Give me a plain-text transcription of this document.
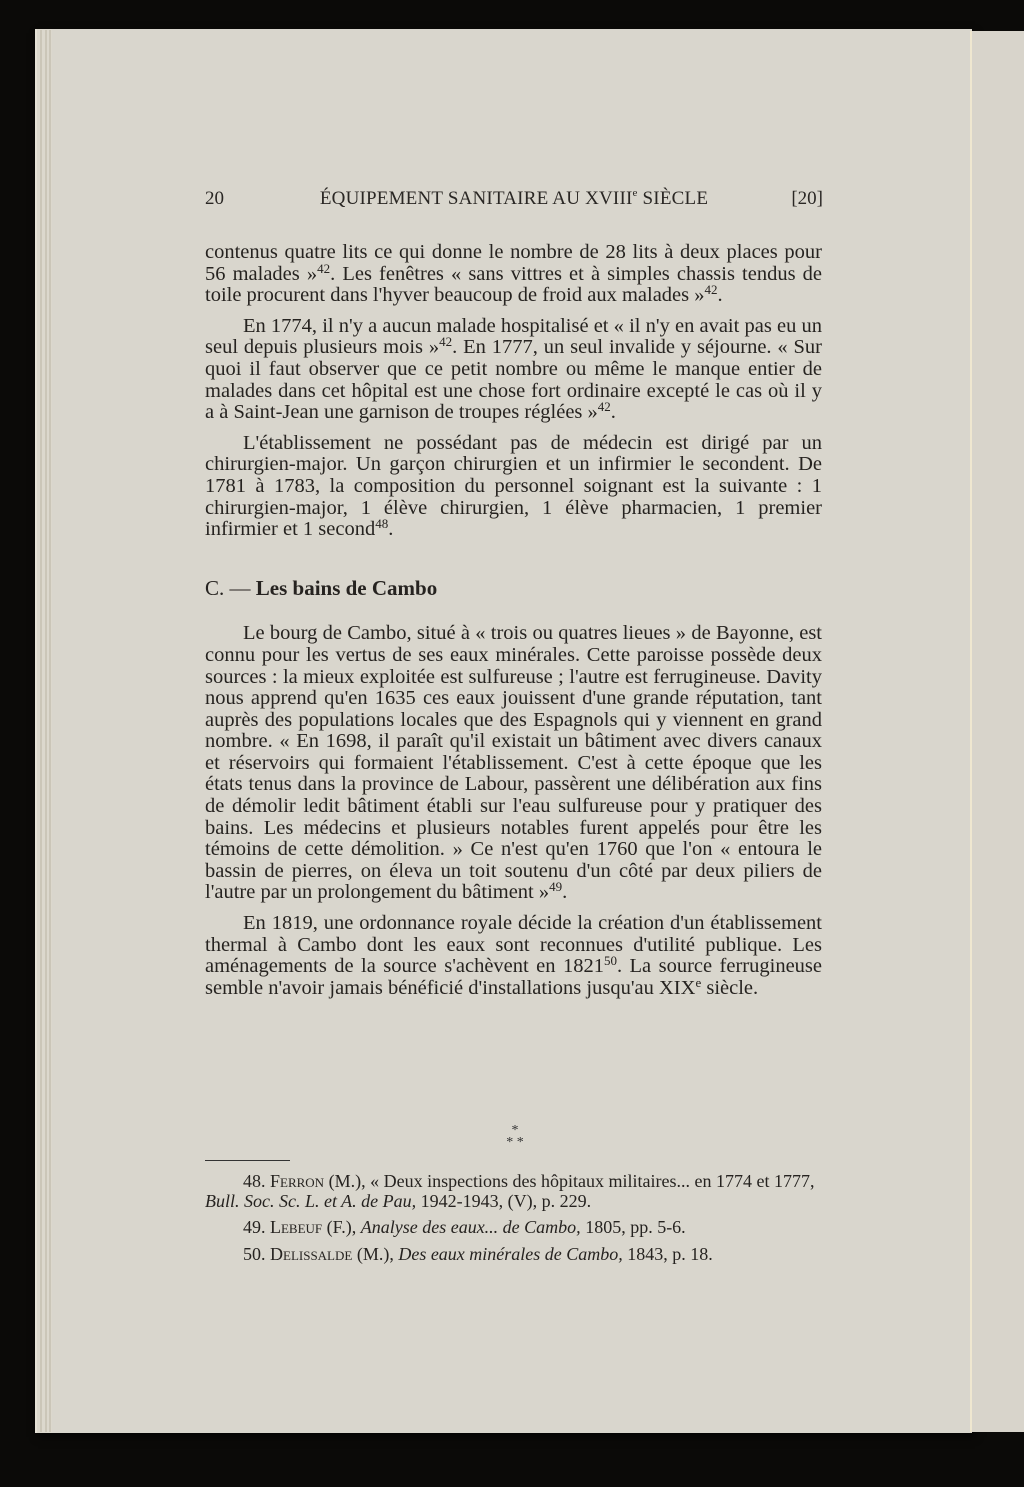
20	ÉQUIPEMENT SANITAIRE AU XVIIIe SIÈCLE	[20]

contenus quatre lits ce qui donne le nombre de 28 lits à deux places pour 56 malades »$^{42}$. Les fenêtres « sans vittres et à simples chassis tendus de toile procurent dans l'hyver beaucoup de froid aux malades »$^{42}$.

En 1774, il n'y a aucun malade hospitalisé et « il n'y en avait pas eu un seul depuis plusieurs mois »$^{42}$. En 1777, un seul invalide y séjourne. « Sur quoi il faut observer que ce petit nombre ou même le manque entier de malades dans cet hôpital est une chose fort ordinaire excepté le cas où il y a à Saint-Jean une garnison de troupes réglées »$^{42}$.

L'établissement ne possédant pas de médecin est dirigé par un chirurgien-major. Un garçon chirurgien et un infirmier le secondent. De 1781 à 1783, la composition du personnel soignant est la suivante : 1 chirurgien-major, 1 élève chirurgien, 1 élève pharmacien, 1 premier infirmier et 1 second$^{48}$.

C. — Les bains de Cambo

Le bourg de Cambo, situé à « trois ou quatres lieues » de Bayonne, est connu pour les vertus de ses eaux minérales. Cette paroisse possède deux sources : la mieux exploitée est sulfureuse ; l'autre est ferrugineuse. Davity nous apprend qu'en 1635 ces eaux jouissent d'une grande réputation, tant auprès des populations locales que des Espagnols qui y viennent en grand nombre. « En 1698, il paraît qu'il existait un bâtiment avec divers canaux et réservoirs qui formaient l'établissement. C'est à cette époque que les états tenus dans la province de Labour, passèrent une délibération aux fins de démolir ledit bâtiment établi sur l'eau sulfureuse pour y pratiquer des bains. Les médecins et plusieurs notables furent appelés pour être les témoins de cette démolition. » Ce n'est qu'en 1760 que l'on « entoura le bassin de pierres, on éleva un toit soutenu d'un côté par deux piliers de l'autre par un prolongement du bâtiment »$^{49}$.

En 1819, une ordonnance royale décide la création d'un établissement thermal à Cambo dont les eaux sont reconnues d'utilité publique. Les aménagements de la source s'achèvent en 1821$^{50}$. La source ferrugineuse semble n'avoir jamais bénéficié d'installations jusqu'au XIXe siècle.

*
* *

48. Ferron (M.), « Deux inspections des hôpitaux militaires... en 1774 et 1777, Bull. Soc. Sc. L. et A. de Pau, 1942-1943, (V), p. 229.

49. Lebeuf (F.), Analyse des eaux... de Cambo, 1805, pp. 5-6.

50. Delissalde (M.), Des eaux minérales de Cambo, 1843, p. 18.
